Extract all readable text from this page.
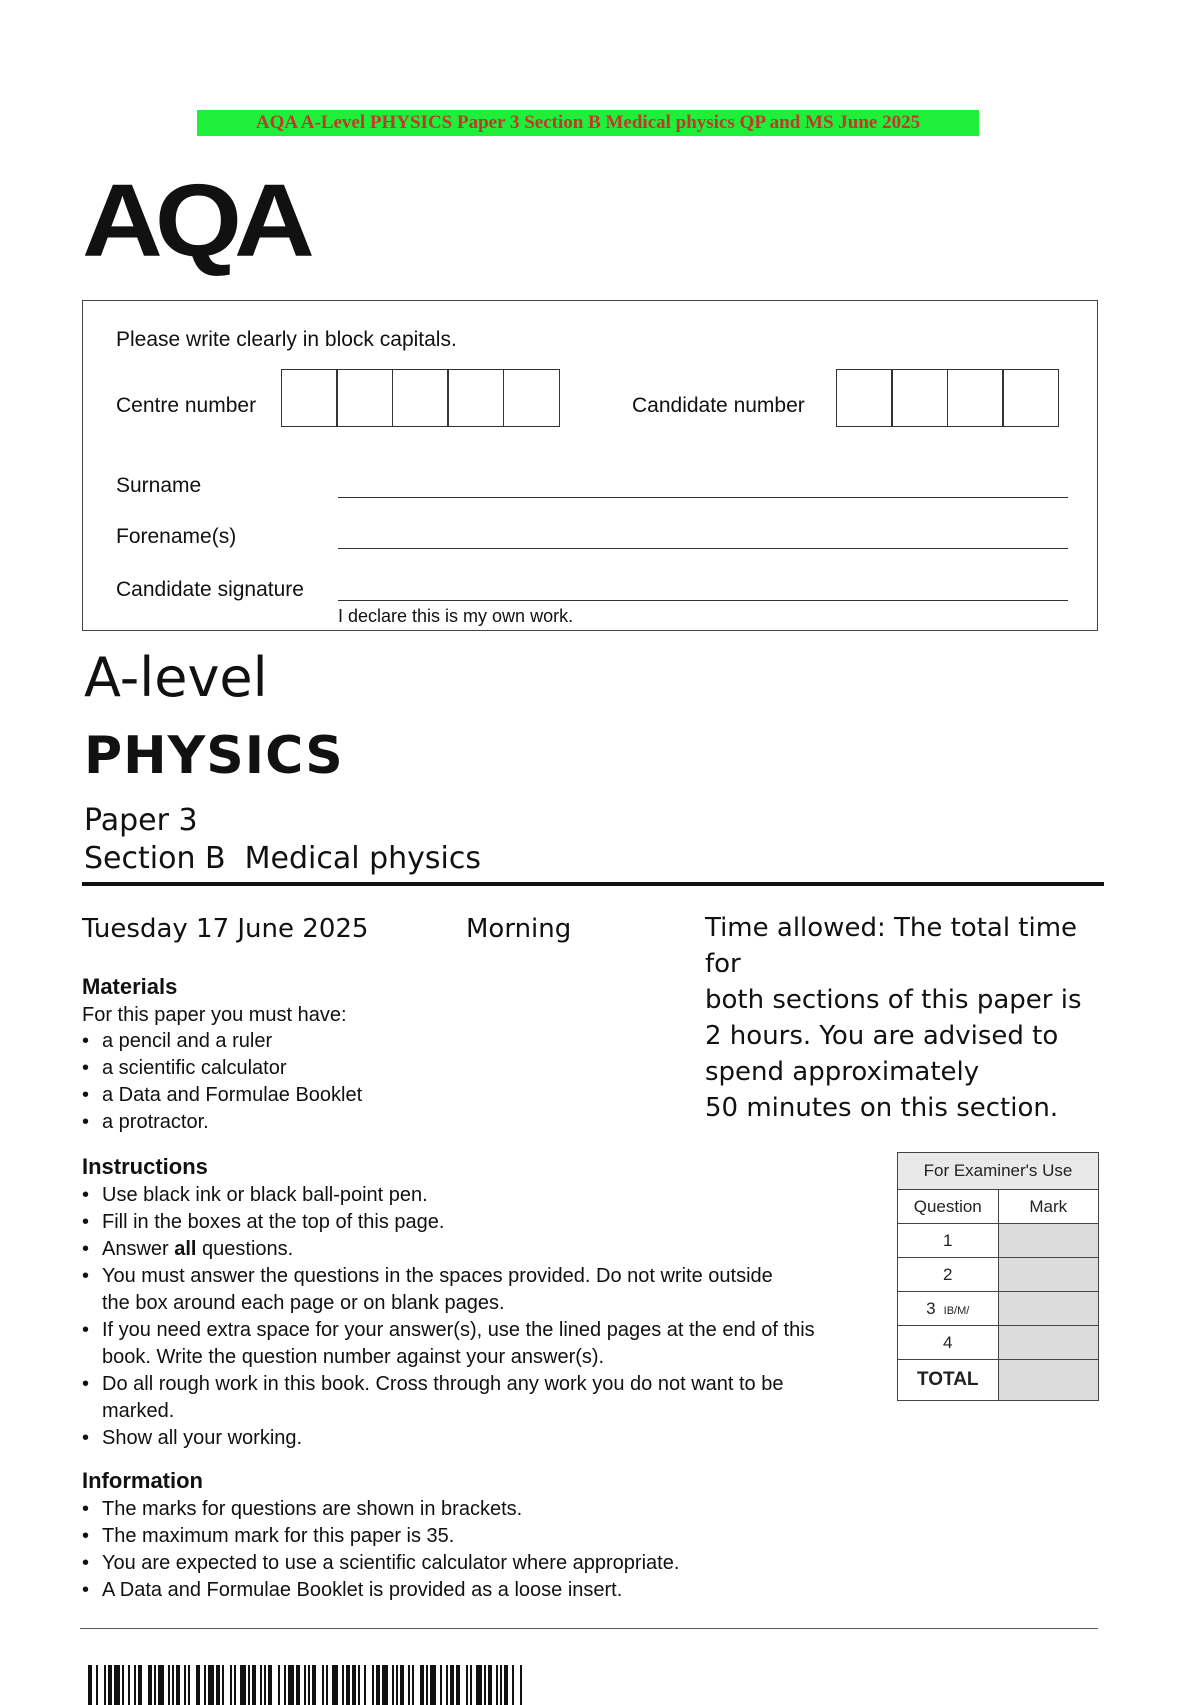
AQA A-Level PHYSICS Paper 3 Section B Medical physics QP and MS June 2025
AQA
Please write clearly in block capitals.
Centre number	Candidate number
Surname
Forename(s)
Candidate signature
I declare this is my own work.
A-level
PHYSICS
Paper 3
Section B  Medical physics
Tuesday 17 June 2025	Morning	Time allowed: The total time for
both sections of this paper is
2 hours. You are advised to
spend approximately
50 minutes on this section.
Materials
For this paper you must have:
• a pencil and a ruler
• a scientific calculator
• a Data and Formulae Booklet
• a protractor.
Instructions
• Use black ink or black ball-point pen.
• Fill in the boxes at the top of this page.
• Answer all questions.
• You must answer the questions in the spaces provided. Do not write outside the box around each page or on blank pages.
• If you need extra space for your answer(s), use the lined pages at the end of this book. Write the question number against your answer(s).
• Do all rough work in this book. Cross through any work you do not want to be marked.
• Show all your working.
Information
• The marks for questions are shown in brackets.
• The maximum mark for this paper is 35.
• You are expected to use a scientific calculator where appropriate.
• A Data and Formulae Booklet is provided as a loose insert.
For Examiner's Use	
Question	Mark
1	
2	
3 IB/M/	
4	
TOTAL	
